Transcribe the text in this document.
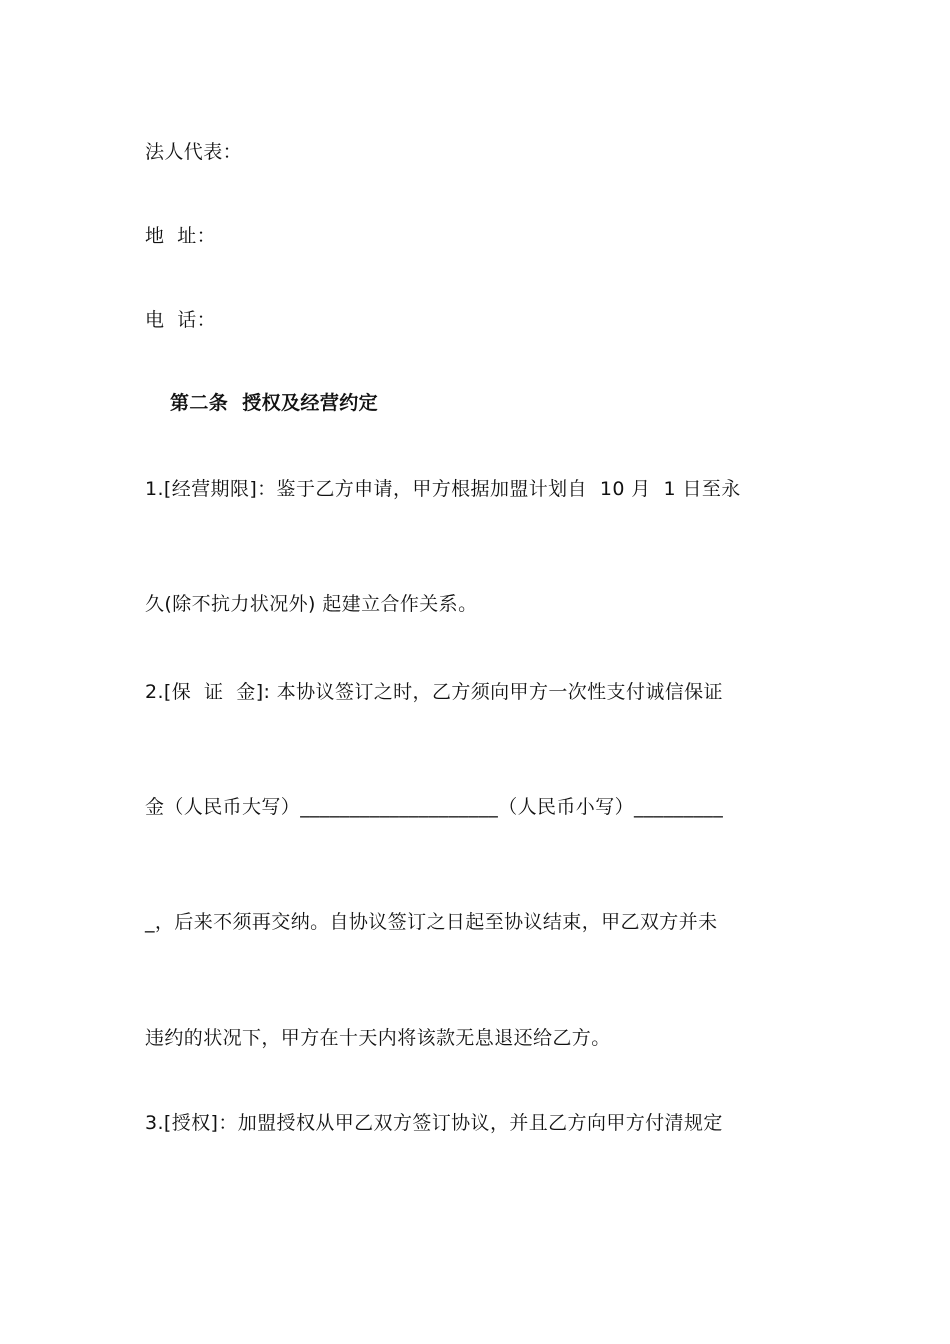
法人代表：
地  址：
电  话：
第二条  授权及经营约定
1.[经营期限]：鉴于乙方申请，甲方根据加盟计划自  10 月  1 日至永
久(除不抗力状况外) 起建立合作关系。
2.[保  证  金]: 本协议签订之时，乙方须向甲方一次性支付诚信保证
金（人民币大写）____________________（人民币小写）_________
_，后来不须再交纳。自协议签订之日起至协议结束，甲乙双方并未
违约的状况下，甲方在十天内将该款无息退还给乙方。
3.[授权]：加盟授权从甲乙双方签订协议，并且乙方向甲方付清规定
